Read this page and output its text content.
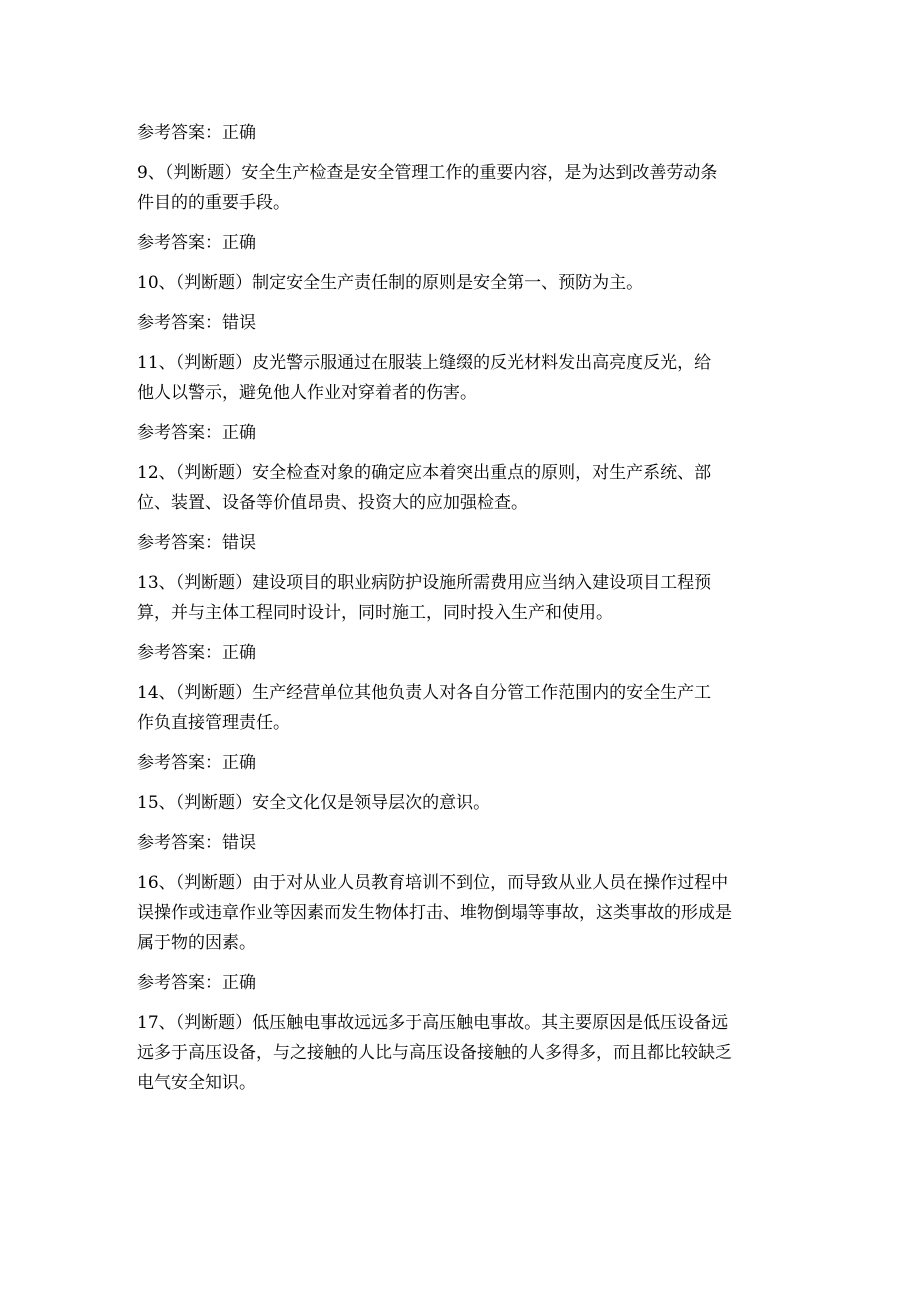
参考答案：正确
9、（判断题）安全生产检查是安全管理工作的重要内容，是为达到改善劳动条
件目的的重要手段。
参考答案：正确
10、（判断题）制定安全生产责任制的原则是安全第一、预防为主。
参考答案：错误
11、（判断题）皮光警示服通过在服装上缝缀的反光材料发出高亮度反光，给
他人以警示，避免他人作业对穿着者的伤害。
参考答案：正确
12、（判断题）安全检查对象的确定应本着突出重点的原则，对生产系统、部
位、装置、设备等价值昂贵、投资大的应加强检查。
参考答案：错误
13、（判断题）建设项目的职业病防护设施所需费用应当纳入建设项目工程预
算，并与主体工程同时设计，同时施工，同时投入生产和使用。
参考答案：正确
14、（判断题）生产经营单位其他负责人对各自分管工作范围内的安全生产工
作负直接管理责任。
参考答案：正确
15、（判断题）安全文化仅是领导层次的意识。
参考答案：错误
16、（判断题）由于对从业人员教育培训不到位，而导致从业人员在操作过程中
误操作或违章作业等因素而发生物体打击、堆物倒塌等事故，这类事故的形成是
属于物的因素。
参考答案：正确
17、（判断题）低压触电事故远远多于高压触电事故。其主要原因是低压设备远
远多于高压设备，与之接触的人比与高压设备接触的人多得多，而且都比较缺乏
电气安全知识。
